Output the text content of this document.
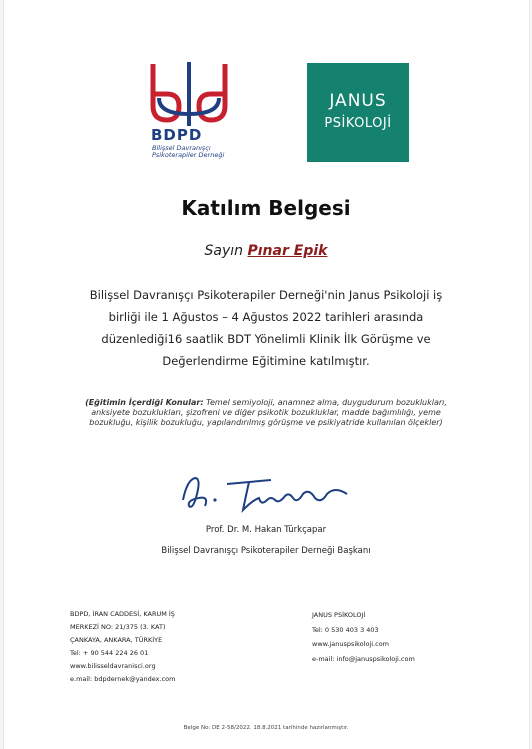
BDPD
Bilişsel Davranışçı
Psikoterapiler Derneği
JANUS
PSİKOLOJİ
Katılım Belgesi
Sayın Pınar Epik
Bilişsel Davranışçı Psikoterapiler Derneği'nin Janus Psikoloji iş
birliği ile 1 Ağustos – 4 Ağustos 2022 tarihleri arasında
düzenlediği16 saatlik BDT Yönelimli Klinik İlk Görüşme ve
Değerlendirme Eğitimine katılmıştır.
(Eğitimin İçerdiği Konular: Temel semiyoloji, anamnez alma, duygudurum bozuklukları,
anksiyete bozuklukları, şizofreni ve diğer psikotik bozukluklar, madde bağımlılığı, yeme
bozukluğu, kişilik bozukluğu, yapılandırılmış görüşme ve psikiyatride kullanılan ölçekler)
Prof. Dr. M. Hakan Türkçapar
Bilişsel Davranışçı Psikoterapiler Derneği Başkanı
BDPD, İRAN CADDESİ, KARUM İŞ
MERKEZİ NO: 21/375 (3. KAT)
ÇANKAYA, ANKARA, TÜRKİYE
Tel: + 90 544 224 26 01
www.bilisseldavranisci.org
e.mail: bdpdernek@yandex.com
JANUS PSİKOLOJİ
Tel: 0 530 403 3 403
www.januspsikoloji.com
e-mail: info@januspsikoloji.com
Belge No: DE 2-58/2022. 18.8.2021 tarihinde hazırlanmıştır.
